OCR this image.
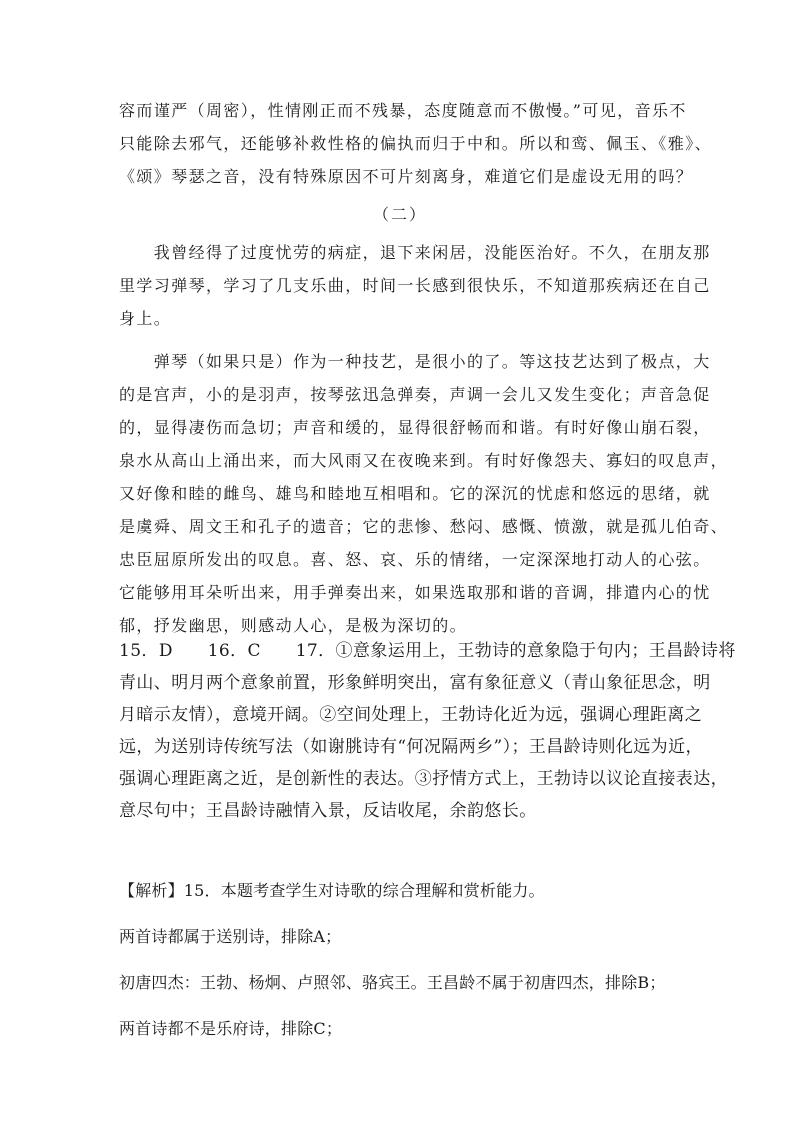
容而谨严（周密），性情刚正而不残暴，态度随意而不傲慢。”可见，音乐不
只能除去邪气，还能够补救性格的偏执而归于中和。所以和鸾、佩玉、《雅》、
《颂》琴瑟之音，没有特殊原因不可片刻离身，难道它们是虚设无用的吗？
（二）
　　我曾经得了过度忧劳的病症，退下来闲居，没能医治好。不久，在朋友那
里学习弹琴，学习了几支乐曲，时间一长感到很快乐，不知道那疾病还在自己
身上。
　　弹琴（如果只是）作为一种技艺，是很小的了。等这技艺达到了极点，大
的是宫声，小的是羽声，按琴弦迅急弹奏，声调一会儿又发生变化；声音急促
的，显得凄伤而急切；声音和缓的，显得很舒畅而和谐。有时好像山崩石裂，
泉水从高山上涌出来，而大风雨又在夜晚来到。有时好像怨夫、寡妇的叹息声，
又好像和睦的雌鸟、雄鸟和睦地互相唱和。它的深沉的忧虑和悠远的思绪，就
是虞舜、周文王和孔子的遗音；它的悲惨、愁闷、感慨、愤激，就是孤儿伯奇、
忠臣屈原所发出的叹息。喜、怒、哀、乐的情绪，一定深深地打动人的心弦。
它能够用耳朵听出来，用手弹奏出来，如果选取那和谐的音调，排遣内心的忧
郁，抒发幽思，则感动人心，是极为深切的。
15．D　　16．C　　17．①意象运用上，王勃诗的意象隐于句内；王昌龄诗将
青山、明月两个意象前置，形象鲜明突出，富有象征意义（青山象征思念，明
月暗示友情），意境开阔。②空间处理上，王勃诗化近为远，强调心理距离之
远，为送别诗传统写法（如谢朓诗有“何况隔两乡”）；王昌龄诗则化远为近，
强调心理距离之近，是创新性的表达。③抒情方式上，王勃诗以议论直接表达，
意尽句中；王昌龄诗融情入景，反诘收尾，余韵悠长。
【解析】15．本题考查学生对诗歌的综合理解和赏析能力。
两首诗都属于送别诗，排除A；
初唐四杰：王勃、杨炯、卢照邻、骆宾王。王昌龄不属于初唐四杰，排除B；
两首诗都不是乐府诗，排除C；
